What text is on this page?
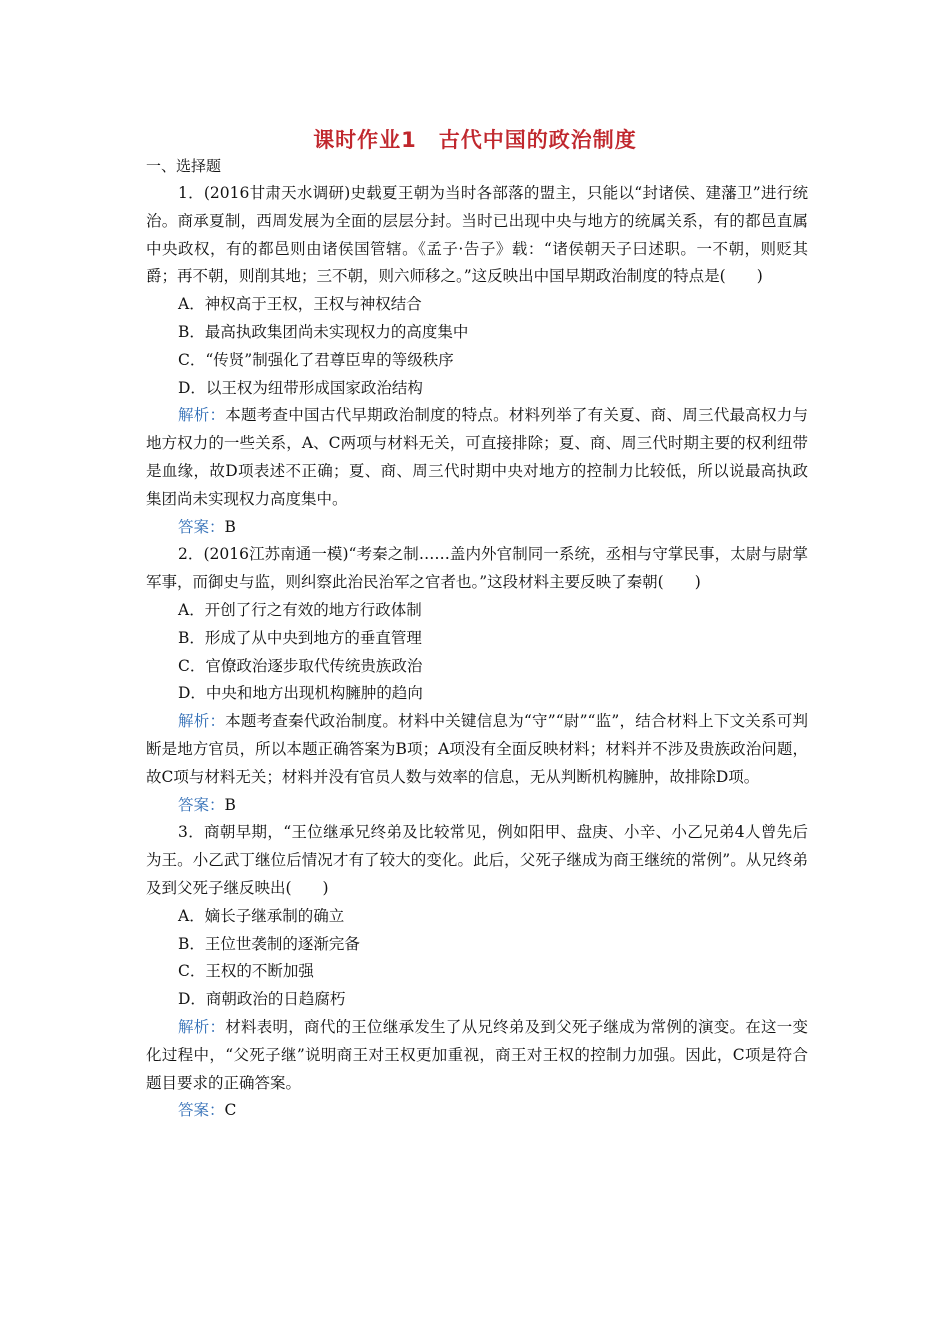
课时作业1　古代中国的政治制度
一、选择题

1．(2016甘肃天水调研)史载夏王朝为当时各部落的盟主，只能以“封诸侯、建藩卫”进行统治。商承夏制，西周发展为全面的层层分封。当时已出现中央与地方的统属关系，有的都邑直属中央政权，有的都邑则由诸侯国管辖。《孟子·告子》载：“诸侯朝天子曰述职。一不朝，则贬其爵；再不朝，则削其地；三不朝，则六师移之。”这反映出中国早期政治制度的特点是(　　)

A．神权高于王权，王权与神权结合

B．最高执政集团尚未实现权力的高度集中

C．“传贤”制强化了君尊臣卑的等级秩序

D．以王权为纽带形成国家政治结构

解析：本题考查中国古代早期政治制度的特点。材料列举了有关夏、商、周三代最高权力与地方权力的一些关系，A、C两项与材料无关，可直接排除；夏、商、周三代时期主要的权利纽带是血缘，故D项表述不正确；夏、商、周三代时期中央对地方的控制力比较低，所以说最高执政集团尚未实现权力高度集中。

答案：B

2．(2016江苏南通一模)“考秦之制……盖内外官制同一系统，丞相与守掌民事，太尉与尉掌军事，而御史与监，则纠察此治民治军之官者也。”这段材料主要反映了秦朝(　　)

A．开创了行之有效的地方行政体制

B．形成了从中央到地方的垂直管理

C．官僚政治逐步取代传统贵族政治

D．中央和地方出现机构臃肿的趋向

解析：本题考查秦代政治制度。材料中关键信息为“守”“尉”“监”，结合材料上下文关系可判断是地方官员，所以本题正确答案为B项；A项没有全面反映材料；材料并不涉及贵族政治问题，故C项与材料无关；材料并没有官员人数与效率的信息，无从判断机构臃肿，故排除D项。

答案：B

3．商朝早期，“王位继承兄终弟及比较常见，例如阳甲、盘庚、小辛、小乙兄弟4人曾先后为王。小乙武丁继位后情况才有了较大的变化。此后，父死子继成为商王继统的常例”。从兄终弟及到父死子继反映出(　　)

A．嫡长子继承制的确立

B．王位世袭制的逐渐完备

C．王权的不断加强

D．商朝政治的日趋腐朽

解析：材料表明，商代的王位继承发生了从兄终弟及到父死子继成为常例的演变。在这一变化过程中，“父死子继”说明商王对王权更加重视，商王对王权的控制力加强。因此，C项是符合题目要求的正确答案。

答案：C
